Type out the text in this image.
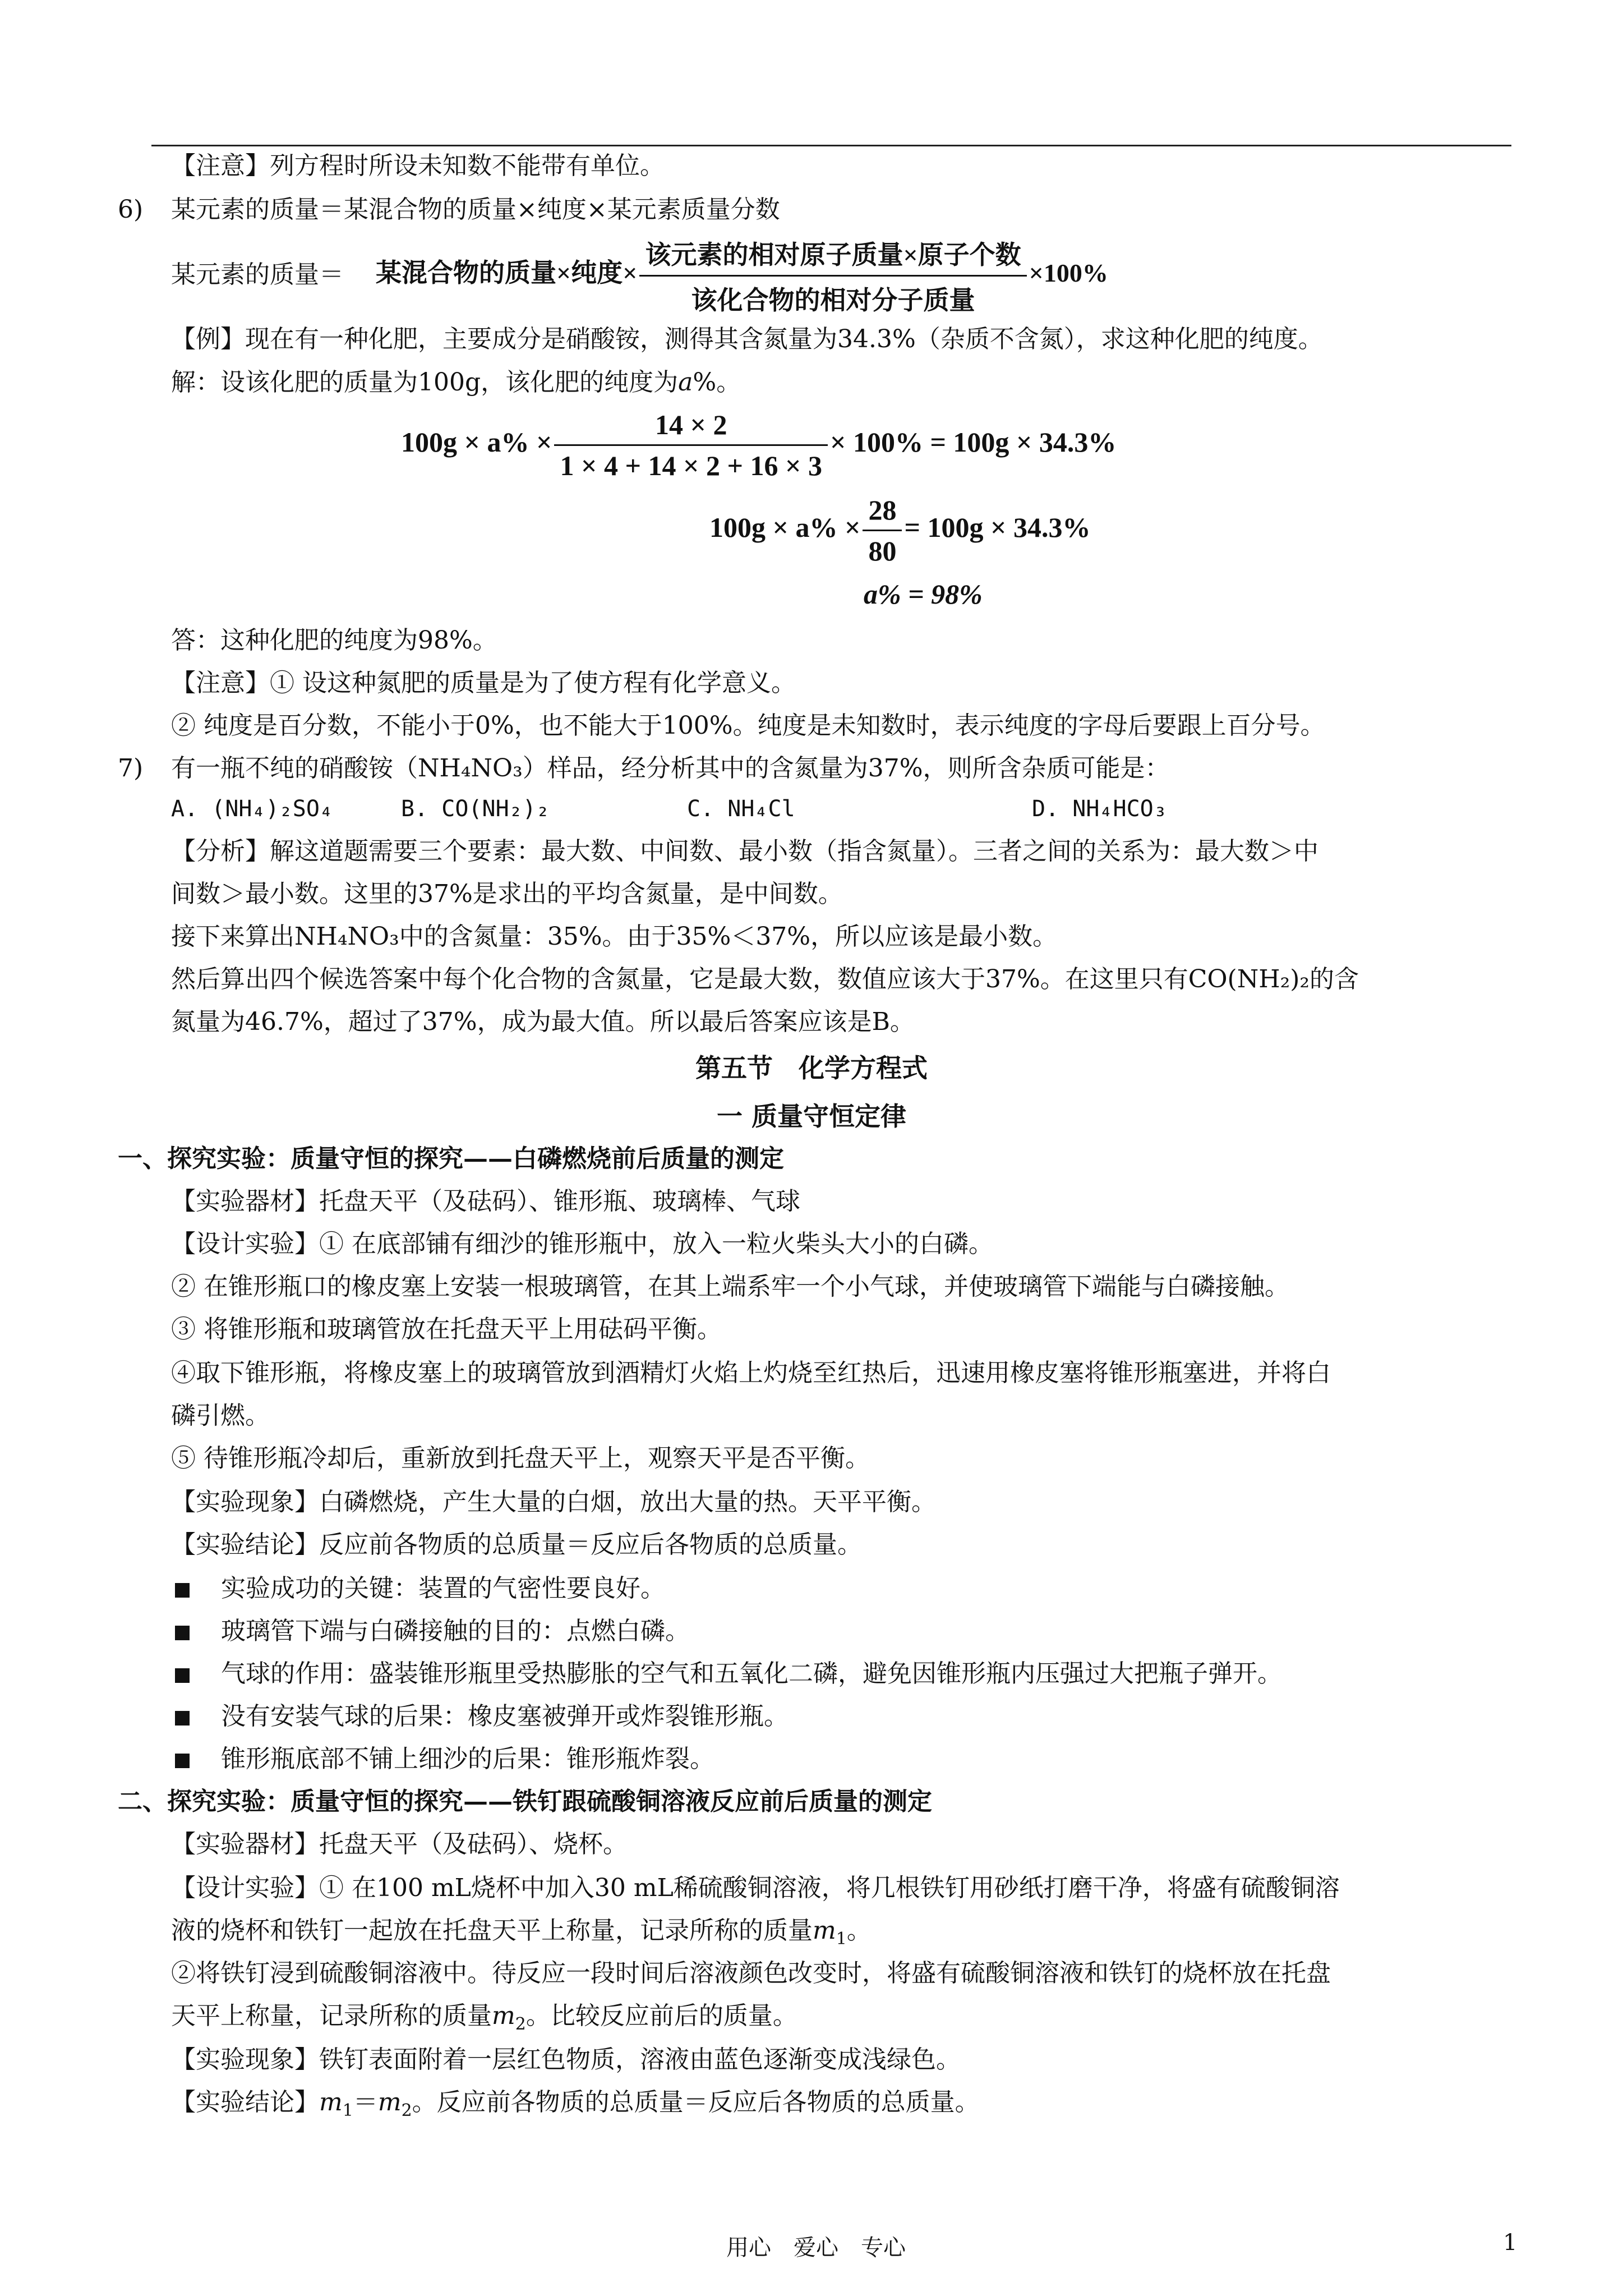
【注意】列方程时所设未知数不能带有单位。
6) 某元素的质量＝某混合物的质量×纯度×某元素质量分数
某元素的质量＝ 某混合物的质量×纯度× $\frac{\text{该元素的相对原子质量×原子个数}}{\text{该化合物的相对分子质量}} \times 100\%$
【例】现在有一种化肥，主要成分是硝酸铵，测得其含氮量为34.3%（杂质不含氮），求这种化肥的纯度。
解：设该化肥的质量为100g，该化肥的纯度为a%。
$100g \times a\% \times \frac{14 \times 2}{1 \times 4 + 14 \times 2 + 16 \times 3} \times 100\% = 100g \times 34.3\%$
$100g \times a\% \times \frac{28}{80} = 100g \times 34.3\%$
a% = 98%
答：这种化肥的纯度为98%。
【注意】① 设这种氮肥的质量是为了使方程有化学意义。
② 纯度是百分数，不能小于0%，也不能大于100%。纯度是未知数时，表示纯度的字母后要跟上百分号。
7) 有一瓶不纯的硝酸铵（NH₄NO₃）样品，经分析其中的含氮量为37%，则所含杂质可能是：
A. (NH₄)₂SO₄	B. CO(NH₂)₂	C. NH₄Cl	D. NH₄HCO₃
【分析】解这道题需要三个要素：最大数、中间数、最小数（指含氮量）。三者之间的关系为：最大数＞中
间数＞最小数。这里的37%是求出的平均含氮量，是中间数。
接下来算出NH₄NO₃中的含氮量：35%。由于35%＜37%，所以应该是最小数。
然后算出四个候选答案中每个化合物的含氮量，它是最大数，数值应该大于37%。在这里只有CO(NH₂)₂的含
氮量为46.7%，超过了37%，成为最大值。所以最后答案应该是B。
第五节　化学方程式
一 质量守恒定律
一、探究实验：质量守恒的探究——白磷燃烧前后质量的测定
【实验器材】托盘天平（及砝码）、锥形瓶、玻璃棒、气球
【设计实验】① 在底部铺有细沙的锥形瓶中，放入一粒火柴头大小的白磷。
② 在锥形瓶口的橡皮塞上安装一根玻璃管，在其上端系牢一个小气球，并使玻璃管下端能与白磷接触。
③ 将锥形瓶和玻璃管放在托盘天平上用砝码平衡。
④取下锥形瓶，将橡皮塞上的玻璃管放到酒精灯火焰上灼烧至红热后，迅速用橡皮塞将锥形瓶塞进，并将白
磷引燃。
⑤ 待锥形瓶冷却后，重新放到托盘天平上，观察天平是否平衡。
【实验现象】白磷燃烧，产生大量的白烟，放出大量的热。天平平衡。
【实验结论】反应前各物质的总质量＝反应后各物质的总质量。
实验成功的关键：装置的气密性要良好。
玻璃管下端与白磷接触的目的：点燃白磷。
气球的作用：盛装锥形瓶里受热膨胀的空气和五氧化二磷，避免因锥形瓶内压强过大把瓶子弹开。
没有安装气球的后果：橡皮塞被弹开或炸裂锥形瓶。
锥形瓶底部不铺上细沙的后果：锥形瓶炸裂。
二、探究实验：质量守恒的探究——铁钉跟硫酸铜溶液反应前后质量的测定
【实验器材】托盘天平（及砝码）、烧杯。
【设计实验】① 在100 mL烧杯中加入30 mL稀硫酸铜溶液，将几根铁钉用砂纸打磨干净，将盛有硫酸铜溶
液的烧杯和铁钉一起放在托盘天平上称量，记录所称的质量$m_1$。
②将铁钉浸到硫酸铜溶液中。待反应一段时间后溶液颜色改变时，将盛有硫酸铜溶液和铁钉的烧杯放在托盘
天平上称量，记录所称的质量$m_2$。比较反应前后的质量。
【实验现象】铁钉表面附着一层红色物质，溶液由蓝色逐渐变成浅绿色。
【实验结论】$m_1=m_2$。反应前各物质的总质量＝反应后各物质的总质量。
用心　爱心　专心	1
